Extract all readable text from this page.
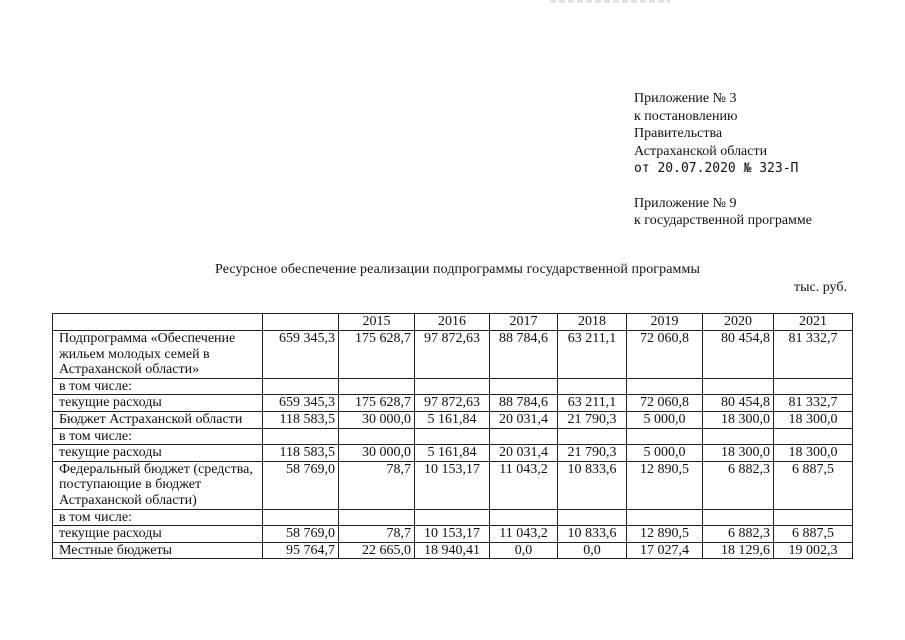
Приложение № 3
к постановлению
Правительства
Астраханской области
от 20.07.2020 № 323-П
Приложение № 9
к государственной программе
Ресурсное обеспечение реализации подпрограммы государственной программы
тыс. руб.
		2015	2016	2017	2018	2019	2020	2021
Подпрограмма «Обеспечение жильем молодых семей в Астраханской области»	659 345,3	175 628,7	97 872,63	88 784,6	63 211,1	72 060,8	80 454,8	81 332,7
в том числе:								
текущие расходы	659 345,3	175 628,7	97 872,63	88 784,6	63 211,1	72 060,8	80 454,8	81 332,7
Бюджет Астраханской области	118 583,5	30 000,0	5 161,84	20 031,4	21 790,3	5 000,0	18 300,0	18 300,0
в том числе:								
текущие расходы	118 583,5	30 000,0	5 161,84	20 031,4	21 790,3	5 000,0	18 300,0	18 300,0
Федеральный бюджет (средства, поступающие в бюджет Астраханской области)	58 769,0	78,7	10 153,17	11 043,2	10 833,6	12 890,5	6 882,3	6 887,5
в том числе:								
текущие расходы	58 769,0	78,7	10 153,17	11 043,2	10 833,6	12 890,5	6 882,3	6 887,5
Местные бюджеты	95 764,7	22 665,0	18 940,41	0,0	0,0	17 027,4	18 129,6	19 002,3
